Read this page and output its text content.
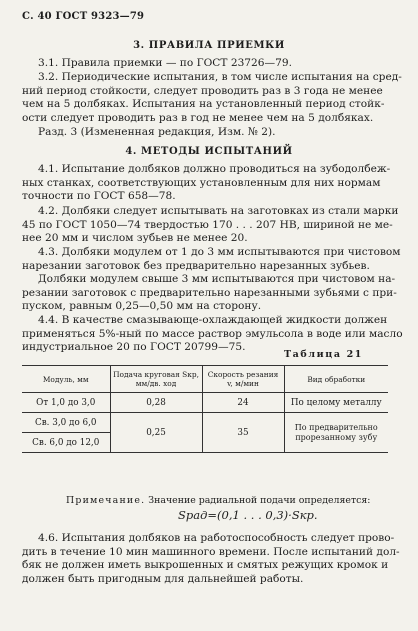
С. 40 ГОСТ 9323—79
3. ПРАВИЛА ПРИЕМКИ
3.1. Правила приемки — по ГОСТ 23726—79.
3.2. Периодические испытания, в том числе испытания на сред-
ний период стойкости, следует проводить раз в 3 года не менее
чем на 5 долбяках. Испытания на установленный период стойк-
ости следует проводить раз в год не менее чем на 5 долбяках.
Разд. 3 (Измененная редакция, Изм. № 2).
4. МЕТОДЫ ИСПЫТАНИЙ
4.1. Испытание долбяков должно проводиться на зубодолбеж-
ных станках, соответствующих установленным для них нормам
точности по ГОСТ 658—78.
4.2. Долбяки следует испытывать на заготовках из стали марки
45 по ГОСТ 1050—74 твердостью 170 . . . 207 НВ, шириной не ме-
нее 20 мм и числом зубьев не менее 20.
4.3. Долбяки модулем от 1 до 3 мм испытываются при чистовом
нарезании заготовок без предварительно нарезанных зубьев.
Долбяки модулем свыше 3 мм испытываются при чистовом на-
резании заготовок с предварительно нарезанными зубьями с при-
пуском, равным 0,25—0,50 мм на сторону.
4.4. В качестве смазывающе-охлаждающей жидкости должен
применяться 5%-ный по массе раствор эмульсола в воде или масло
индустриальное 20 по ГОСТ 20799—75.
Таблица 21
Модуль, мм	Подача круговая Sкр, мм/дв. ход	Скорость резания v, м/мин	Вид обработки
От 1,0 до 3,0	0,28	24	По целому металлу
Св. 3,0 до 6,0	0,25	35	По предварительно прорезанному зубу
Св. 6,0 до 12,0			
Примечание. Значение радиальной подачи определяется:
Sрад=(0,1 . . . 0,3)·Sкр.
4.6. Испытания долбяков на работоспособность следует прово-
дить в течение 10 мин машинного времени. После испытаний дол-
бяк не должен иметь выкрошенных и смятых режущих кромок и
должен быть пригодным для дальнейшей работы.
